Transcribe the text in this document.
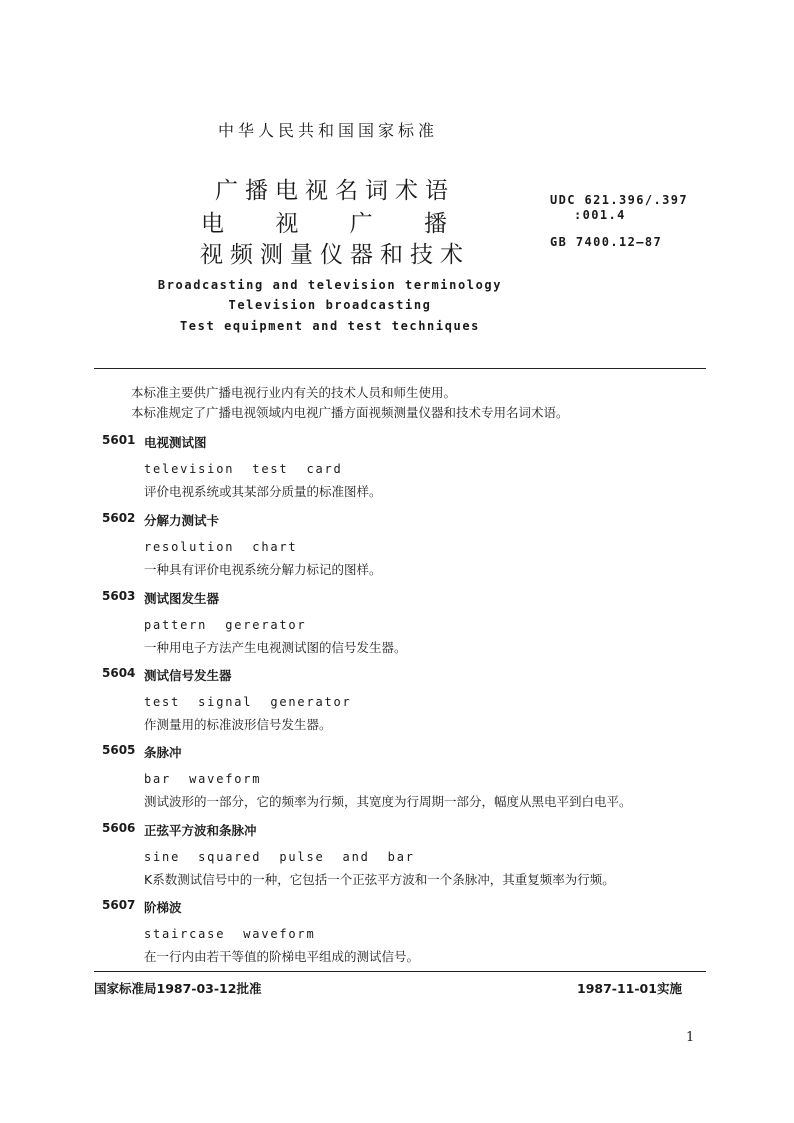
中华人民共和国国家标准
广播电视名词术语
电 视 广 播
视频测量仪器和技术
UDC 621.396/.397
:001.4
GB 7400.12—87
Broadcasting and television terminology
Television broadcasting
Test equipment and test techniques
本标准主要供广播电视行业内有关的技术人员和师生使用。
本标准规定了广播电视领域内电视广播方面视频测量仪器和技术专用名词术语。
5601 电视测试图
television  test  card
评价电视系统或其某部分质量的标准图样。
5602 分解力测试卡
resolution  chart
一种具有评价电视系统分解力标记的图样。
5603 测试图发生器
pattern  gererator
一种用电子方法产生电视测试图的信号发生器。
5604 测试信号发生器
test  signal  generator
作测量用的标准波形信号发生器。
5605 条脉冲
bar  waveform
测试波形的一部分，它的频率为行频，其宽度为行周期一部分，幅度从黑电平到白电平。
5606 正弦平方波和条脉冲
sine  squared  pulse  and  bar
K系数测试信号中的一种，它包括一个正弦平方波和一个条脉冲，其重复频率为行频。
5607 阶梯波
staircase  waveform
在一行内由若干等值的阶梯电平组成的测试信号。
国家标准局1987-03-12批准	1987-11-01实施
1
